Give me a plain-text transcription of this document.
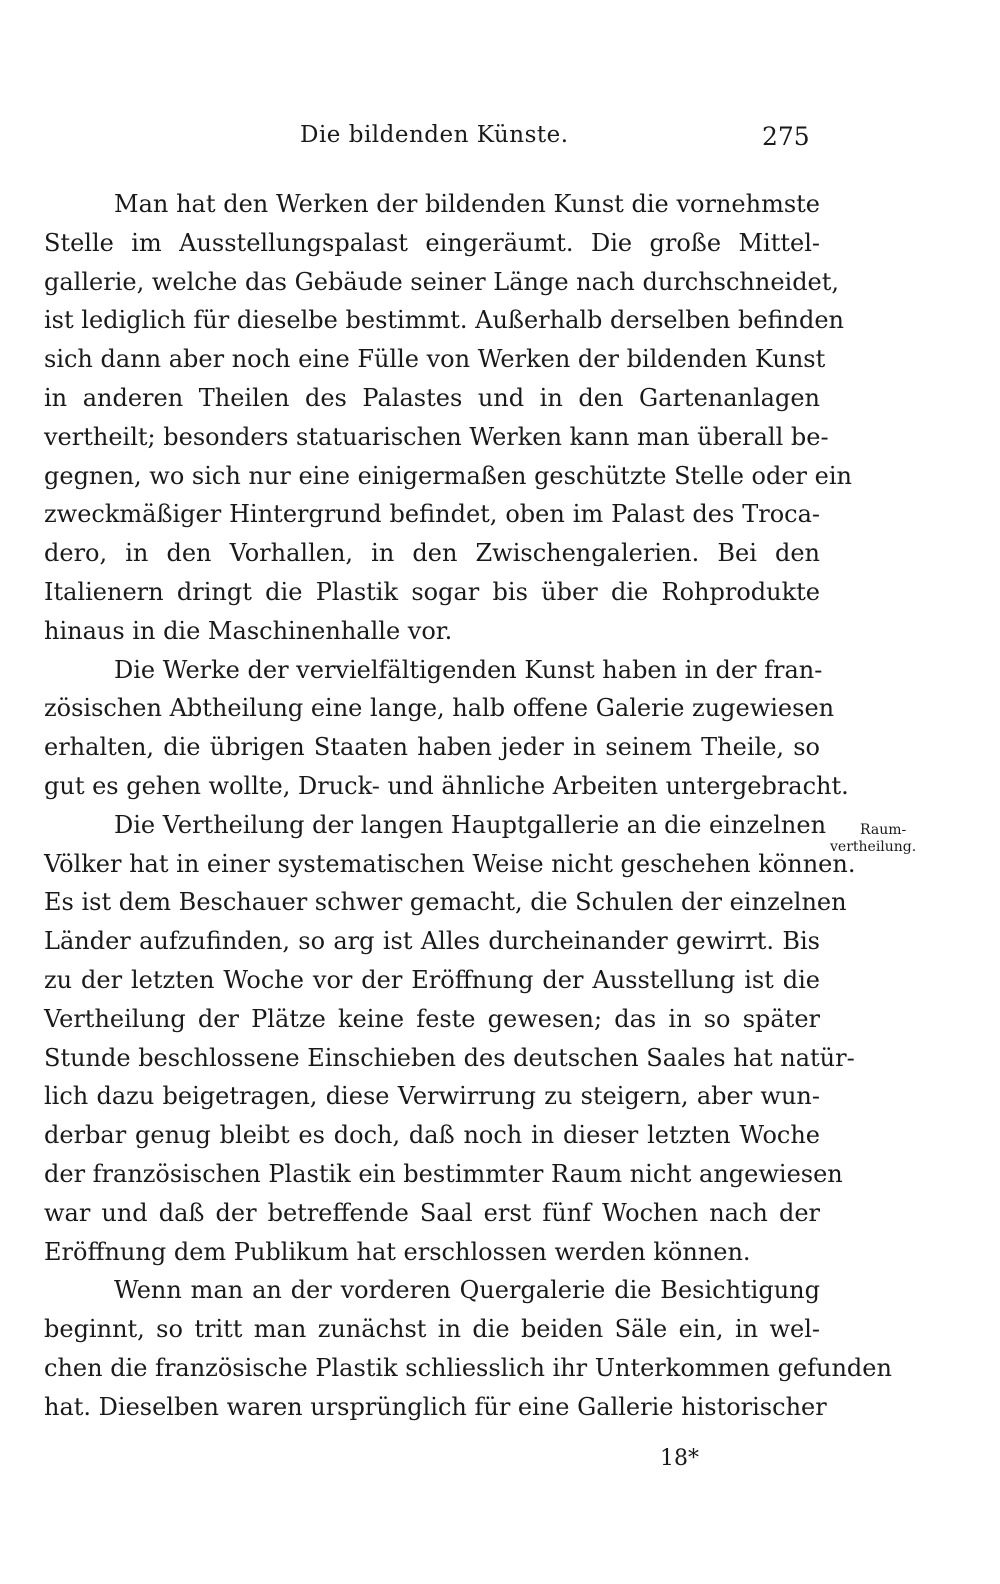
Die bildenden Künste.	275
Man hat den Werken der bildenden Kunst die vornehmste
Stelle im Ausstellungspalast eingeräumt. Die große Mittel-
gallerie, welche das Gebäude seiner Länge nach durchschneidet,
ist lediglich für dieselbe bestimmt. Außerhalb derselben befinden
sich dann aber noch eine Fülle von Werken der bildenden Kunst
in anderen Theilen des Palastes und in den Gartenanlagen
vertheilt; besonders statuarischen Werken kann man überall be-
gegnen, wo sich nur eine einigermaßen geschützte Stelle oder ein
zweckmäßiger Hintergrund befindet, oben im Palast des Troca-
dero, in den Vorhallen, in den Zwischengalerien. Bei den
Italienern dringt die Plastik sogar bis über die Rohprodukte
hinaus in die Maschinenhalle vor.
Die Werke der vervielfältigenden Kunst haben in der fran-
zösischen Abtheilung eine lange, halb offene Galerie zugewiesen
erhalten, die übrigen Staaten haben jeder in seinem Theile, so
gut es gehen wollte, Druck- und ähnliche Arbeiten untergebracht.
Die Vertheilung der langen Hauptgallerie an die einzelnen
Völker hat in einer systematischen Weise nicht geschehen können.
Es ist dem Beschauer schwer gemacht, die Schulen der einzelnen
Länder aufzufinden, so arg ist Alles durcheinander gewirrt. Bis
zu der letzten Woche vor der Eröffnung der Ausstellung ist die
Vertheilung der Plätze keine feste gewesen; das in so später
Stunde beschlossene Einschieben des deutschen Saales hat natür-
lich dazu beigetragen, diese Verwirrung zu steigern, aber wun-
derbar genug bleibt es doch, daß noch in dieser letzten Woche
der französischen Plastik ein bestimmter Raum nicht angewiesen
war und daß der betreffende Saal erst fünf Wochen nach der
Eröffnung dem Publikum hat erschlossen werden können.
Wenn man an der vorderen Quergalerie die Besichtigung
beginnt, so tritt man zunächst in die beiden Säle ein, in wel-
chen die französische Plastik schliesslich ihr Unterkommen gefunden
hat. Dieselben waren ursprünglich für eine Gallerie historischer
Raum-
vertheilung.
18*
